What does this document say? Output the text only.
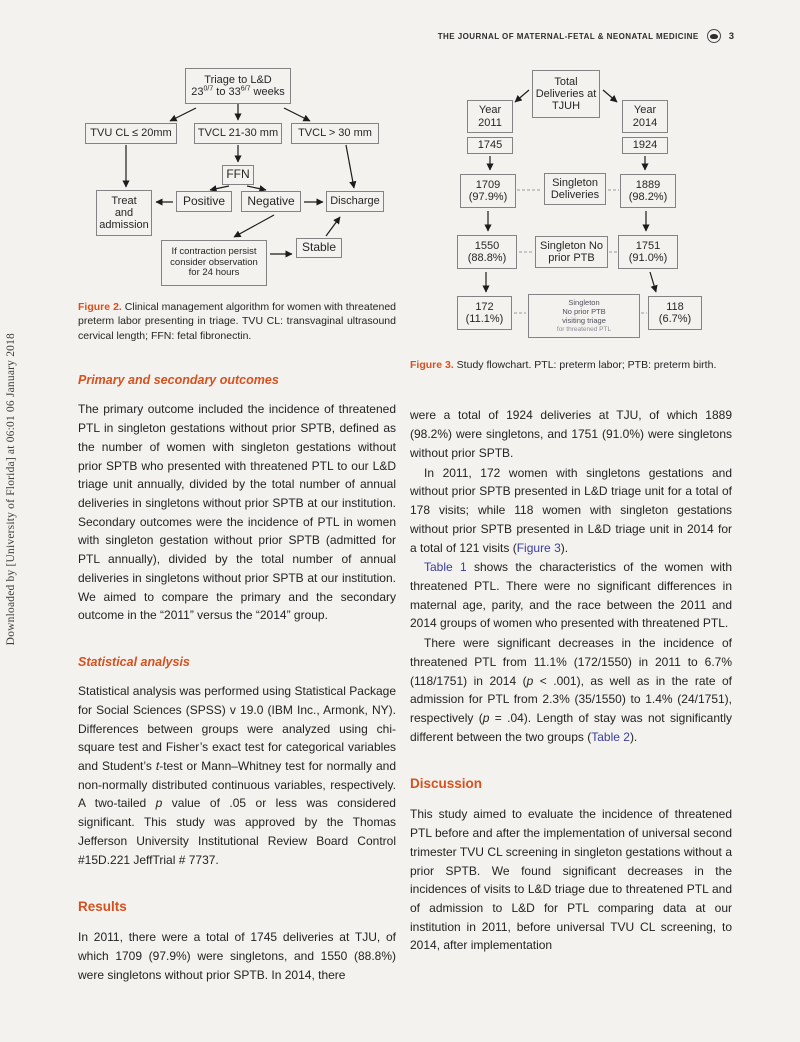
THE JOURNAL OF MATERNAL-FETAL & NEONATAL MEDICINE	3
Downloaded by [University of Florida] at 06:01 06 January 2018
Triage to L&D
$23^{0/7}$ to $33^{6/7}$ weeks
TVU CL ≤ 20mm	TVCL 21-30 mm	TVCL > 30 mm
FFN
Positive	Negative
Treat
and
admission
Discharge
If contraction persist consider observation for 24 hours
Stable

Figure 2. Clinical management algorithm for women with threatened preterm labor presenting in triage. TVU CL: transvaginal ultrasound cervical length; FFN: fetal fibronectin.

Primary and secondary outcomes

The primary outcome included the incidence of threatened PTL in singleton gestations without prior SPTB, defined as the number of women with singleton gestations without prior SPTB who presented with threatened PTL to our L&D triage unit annually, divided by the total number of annual deliveries in singletons without prior SPTB at our institution. Secondary outcomes were the incidence of PTL in women with singleton gestation without prior SPTB (admitted for PTL annually), divided by the total number of annual deliveries in singletons without prior SPTB at our institution. We aimed to compare the primary and the secondary outcome in the “2011” versus the “2014” group.

Statistical analysis

Statistical analysis was performed using Statistical Package for Social Sciences (SPSS) v 19.0 (IBM Inc., Armonk, NY). Differences between groups were analyzed using chi-square test and Fisher’s exact test for categorical variables and Student’s t-test or Mann–Whitney test for normally and non-normally distributed continuous variables, respectively. A two-tailed p value of .05 or less was considered significant. This study was approved by the Thomas Jefferson University Institutional Review Board Control #15D.221 JeffTrial # 7737.

Results

In 2011, there were a total of 1745 deliveries at TJU, of which 1709 (97.9%) were singletons, and 1550 (88.8%) were singletons without prior SPTB. In 2014, there

Total Deliveries at TJUH
Year 2011
Year 2014
1745	1924
1709 (97.9%)
Singleton Deliveries
1889 (98.2%)
1550 (88.8%)
Singleton No prior PTB
1751 (91.0%)
172 (11.1%)
Singleton
No prior PTB
visiting triage
for threatened PTL
118 (6.7%)

Figure 3. Study flowchart. PTL: preterm labor; PTB: preterm birth.

were a total of 1924 deliveries at TJU, of which 1889 (98.2%) were singletons, and 1751 (91.0%) were singletons without prior SPTB.

In 2011, 172 women with singletons gestations and without prior SPTB presented in L&D triage unit for a total of 178 visits; while 118 women with singleton gestations without prior SPTB presented in L&D triage unit in 2014 for a total of 121 visits (Figure 3).

Table 1 shows the characteristics of the women with threatened PTL. There were no significant differences in maternal age, parity, and the race between the 2011 and 2014 groups of women who presented with threatened PTL.

There were significant decreases in the incidence of threatened PTL from 11.1% (172/1550) in 2011 to 6.7% (118/1751) in 2014 (p < .001), as well as in the rate of admission for PTL from 2.3% (35/1550) to 1.4% (24/1751), respectively (p = .04). Length of stay was not significantly different between the two groups (Table 2).

Discussion

This study aimed to evaluate the incidence of threatened PTL before and after the implementation of universal second trimester TVU CL screening in singleton gestations without a prior SPTB. We found significant decreases in the incidences of visits to L&D triage due to threatened PTL and of admission to L&D for PTL comparing data at our institution in 2011, before universal TVU CL screening, to 2014, after implementation
